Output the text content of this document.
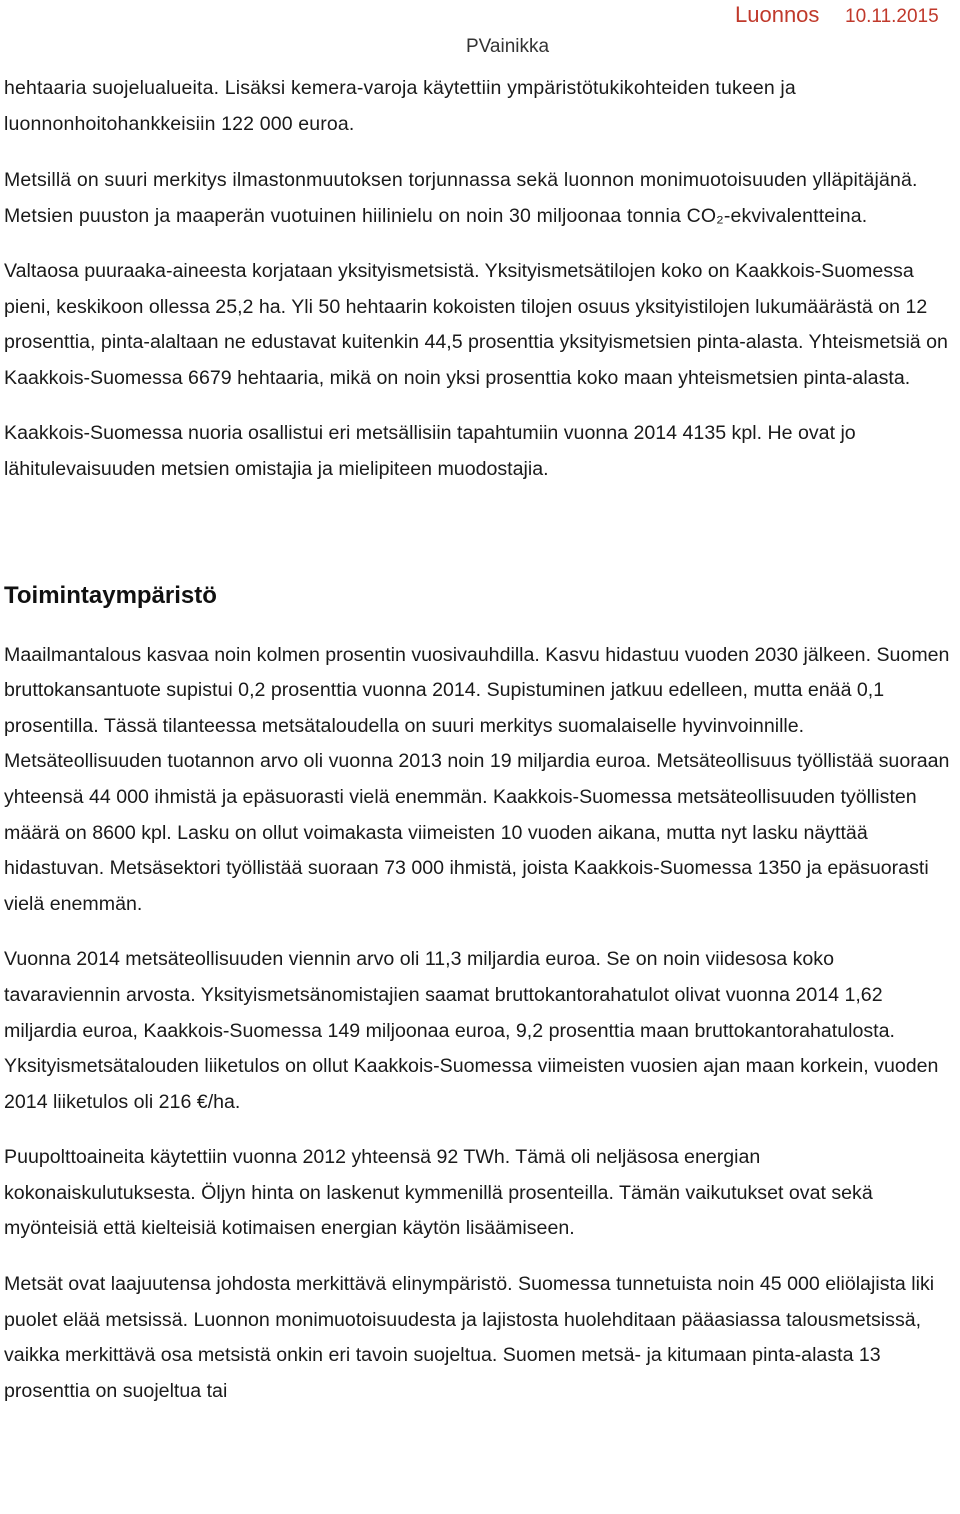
Luonnos 10.11.2015
PVainikka

hehtaaria suojelualueita. Lisäksi kemera-varoja käytettiin ympäristötukikohteiden tukeen ja luonnonhoitohankkeisiin 122 000 euroa.

Metsillä on suuri merkitys ilmastonmuutoksen torjunnassa sekä luonnon monimuotoisuuden ylläpitäjänä. Metsien puuston ja maaperän vuotuinen hiilinielu on noin 30 miljoonaa tonnia CO₂-ekvivalentteina.

Valtaosa puuraaka-aineesta korjataan yksityismetsistä. Yksityismetsätilojen koko on Kaakkois-Suomessa pieni, keskikoon ollessa 25,2 ha. Yli 50 hehtaarin kokoisten tilojen osuus yksityistilojen lukumäärästä on 12 prosenttia, pinta-alaltaan ne edustavat kuitenkin 44,5 prosenttia yksityismetsien pinta-alasta. Yhteismetsiä on Kaakkois-Suomessa 6679 hehtaaria, mikä on noin yksi prosenttia koko maan yhteismetsien pinta-alasta.

Kaakkois-Suomessa nuoria osallistui eri metsällisiin tapahtumiin vuonna 2014 4135 kpl. He ovat jo lähitulevaisuuden metsien omistajia ja mielipiteen muodostajia.

Toimintaympäristö

Maailmantalous kasvaa noin kolmen prosentin vuosivauhdilla. Kasvu hidastuu vuoden 2030 jälkeen. Suomen bruttokansantuote supistui 0,2 prosenttia vuonna 2014. Supistuminen jatkuu edelleen, mutta enää 0,1 prosentilla. Tässä tilanteessa metsätaloudella on suuri merkitys suomalaiselle hyvinvoinnille. Metsäteollisuuden tuotannon arvo oli vuonna 2013 noin 19 miljardia euroa. Metsäteollisuus työllistää suoraan yhteensä 44 000 ihmistä ja epäsuorasti vielä enemmän. Kaakkois-Suomessa metsäteollisuuden työllisten määrä on 8600 kpl. Lasku on ollut voimakasta viimeisten 10 vuoden aikana, mutta nyt lasku näyttää hidastuvan. Metsäsektori työllistää suoraan 73 000 ihmistä, joista Kaakkois-Suomessa 1350 ja epäsuorasti vielä enemmän.

Vuonna 2014 metsäteollisuuden viennin arvo oli 11,3 miljardia euroa. Se on noin viidesosa koko tavaraviennin arvosta. Yksityismetsänomistajien saamat bruttokantorahatulot olivat vuonna 2014 1,62 miljardia euroa, Kaakkois-Suomessa 149 miljoonaa euroa, 9,2 prosenttia maan bruttokantorahatulosta. Yksityismetsätalouden liiketulos on ollut Kaakkois-Suomessa viimeisten vuosien ajan maan korkein, vuoden 2014 liiketulos oli 216 €/ha.

Puupolttoaineita käytettiin vuonna 2012 yhteensä 92 TWh. Tämä oli neljäsosa energian kokonaiskulutuksesta. Öljyn hinta on laskenut kymmenillä prosenteilla. Tämän vaikutukset ovat sekä myönteisiä että kielteisiä kotimaisen energian käytön lisäämiseen.

Metsät ovat laajuutensa johdosta merkittävä elinympäristö. Suomessa tunnetuista noin 45 000 eliölajista liki puolet elää metsissä. Luonnon monimuotoisuudesta ja lajistosta huolehditaan pääasiassa talousmetsissä, vaikka merkittävä osa metsistä onkin eri tavoin suojeltua. Suomen metsä- ja kitumaan pinta-alasta 13 prosenttia on suojeltua tai
